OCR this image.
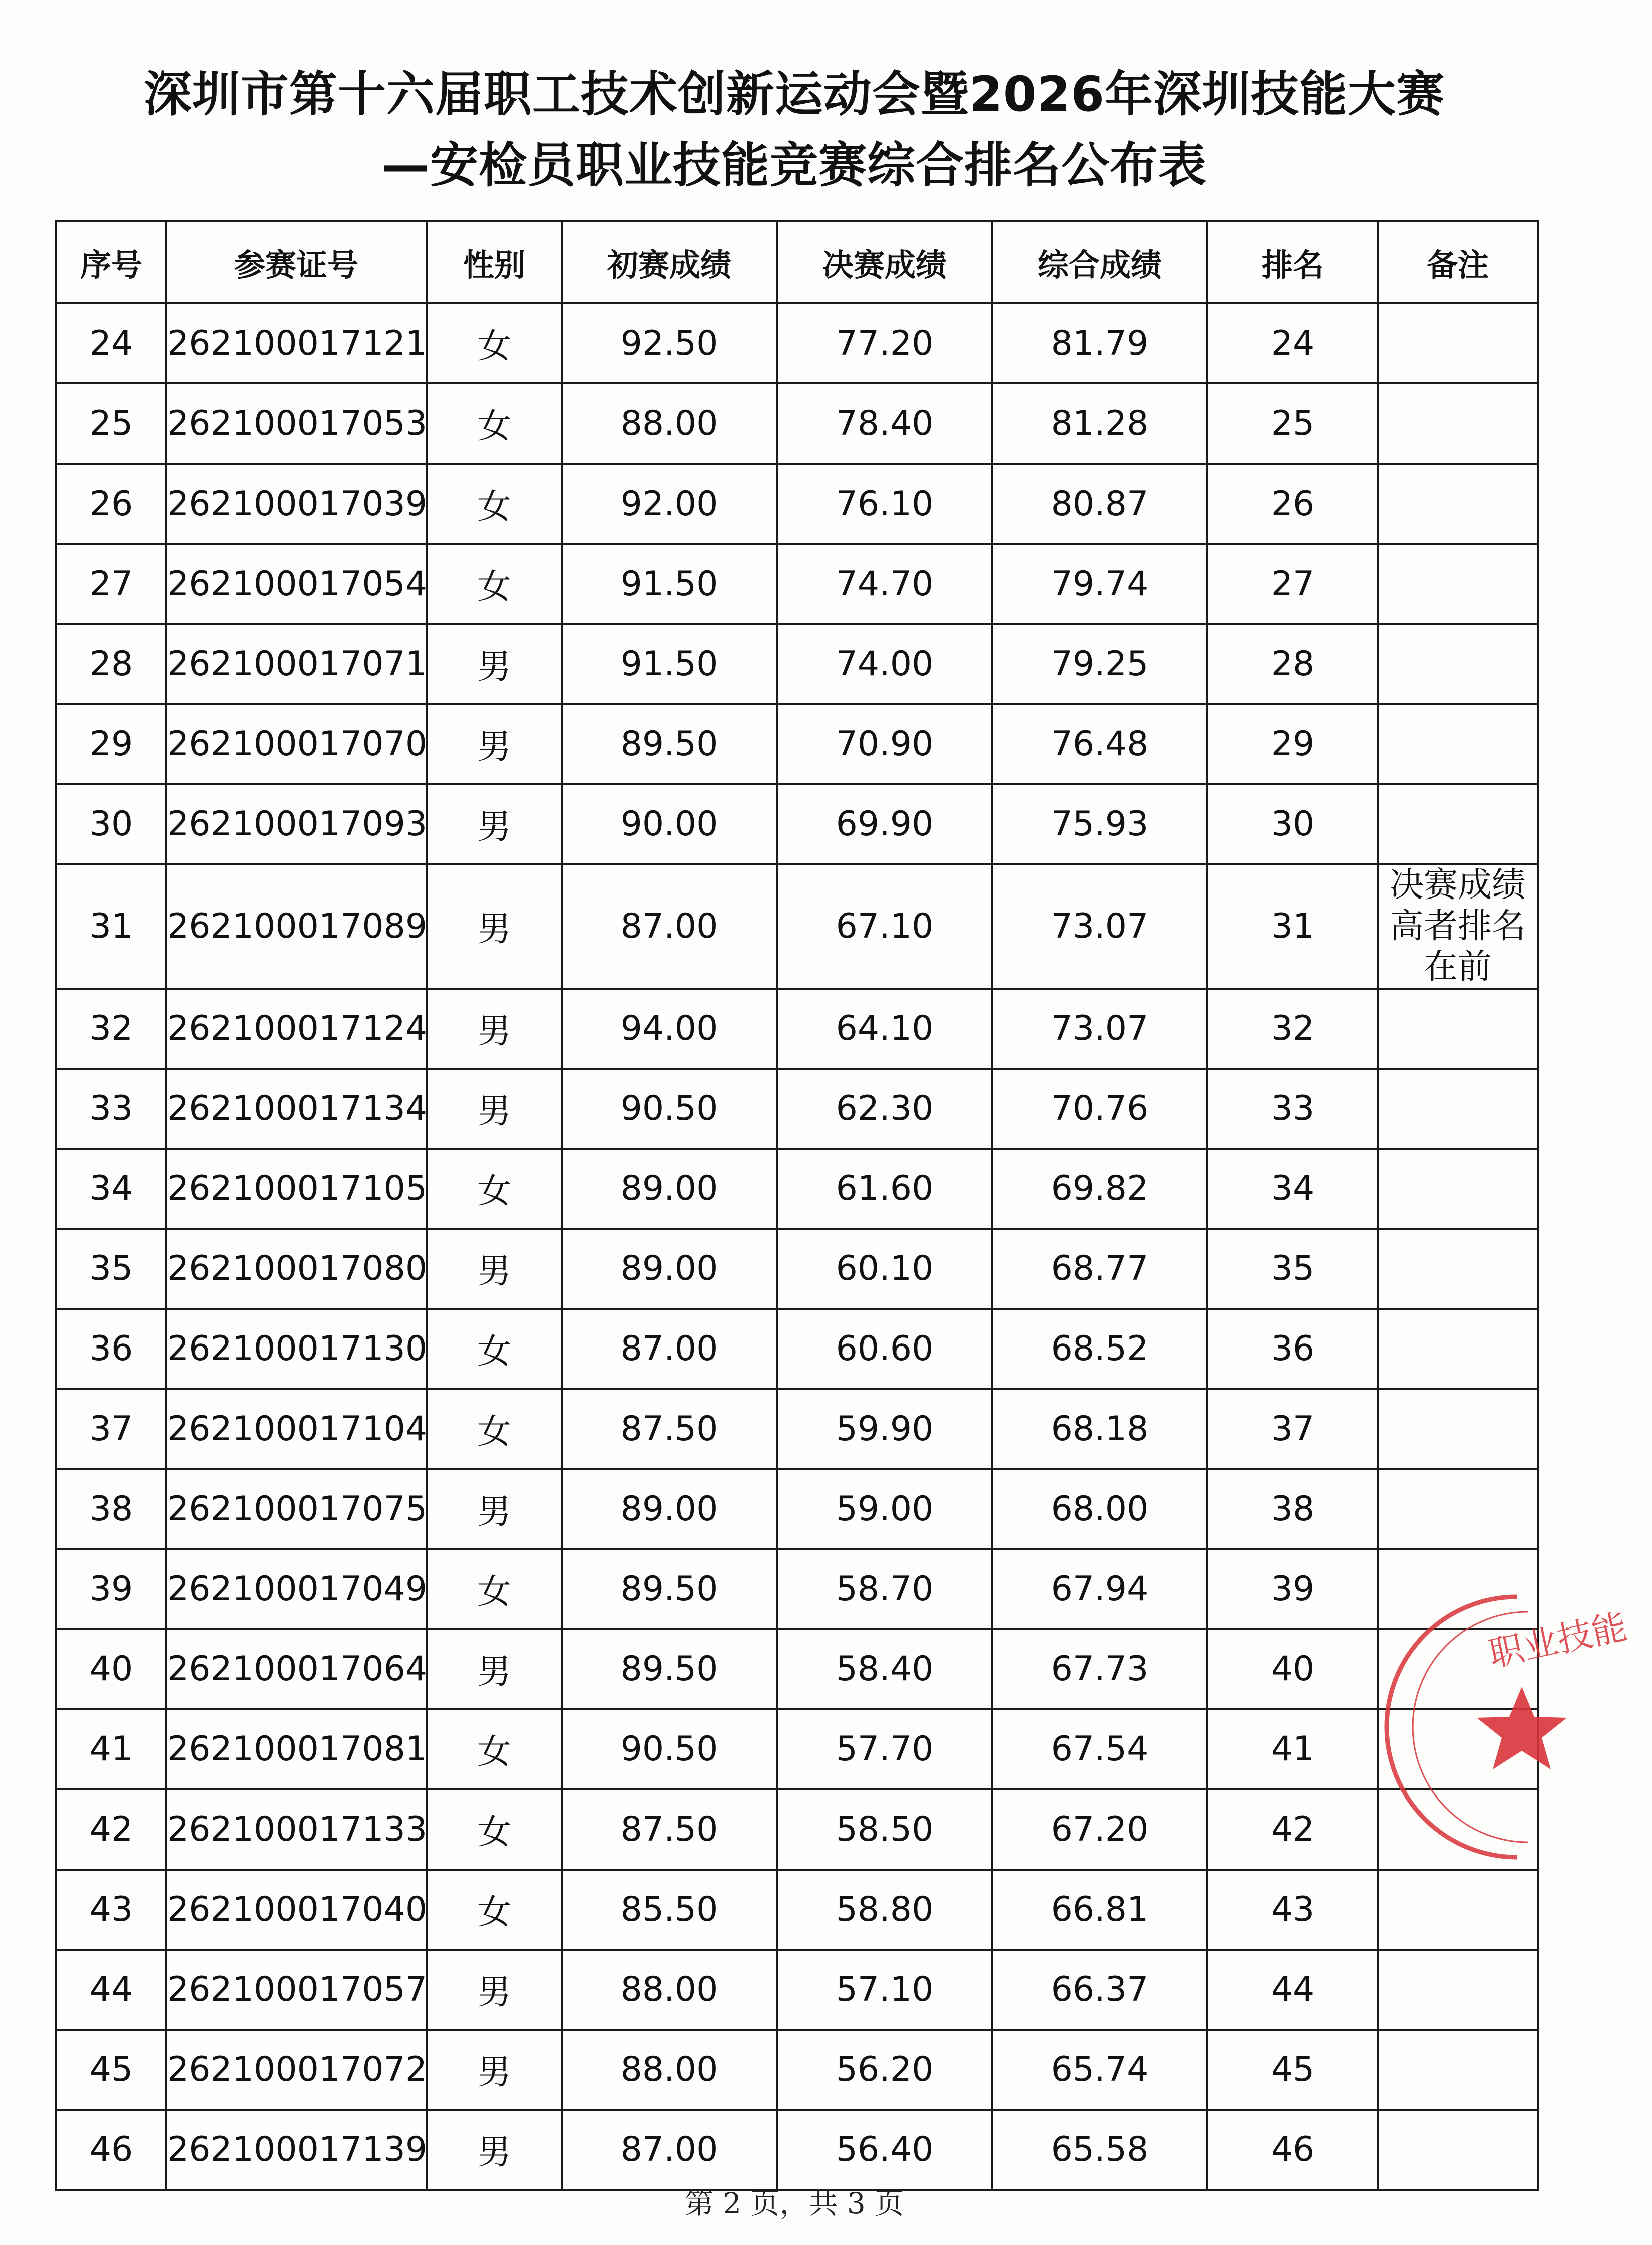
深圳市第十六届职工技术创新运动会暨2026年深圳技能大赛
—安检员职业技能竞赛综合排名公布表
序号	参赛证号	性别	初赛成绩	决赛成绩	综合成绩	排名	备注
24	262100017121	女	92.50	77.20	81.79	24	
25	262100017053	女	88.00	78.40	81.28	25	
26	262100017039	女	92.00	76.10	80.87	26	
27	262100017054	女	91.50	74.70	79.74	27	
28	262100017071	男	91.50	74.00	79.25	28	
29	262100017070	男	89.50	70.90	76.48	29	
30	262100017093	男	90.00	69.90	75.93	30	
31	262100017089	男	87.00	67.10	73.07	31	决赛成绩高者排名在前
32	262100017124	男	94.00	64.10	73.07	32	
33	262100017134	男	90.50	62.30	70.76	33	
34	262100017105	女	89.00	61.60	69.82	34	
35	262100017080	男	89.00	60.10	68.77	35	
36	262100017130	女	87.00	60.60	68.52	36	
37	262100017104	女	87.50	59.90	68.18	37	
38	262100017075	男	89.00	59.00	68.00	38	
39	262100017049	女	89.50	58.70	67.94	39	
40	262100017064	男	89.50	58.40	67.73	40	
41	262100017081	女	90.50	57.70	67.54	41	
42	262100017133	女	87.50	58.50	67.20	42	
43	262100017040	女	85.50	58.80	66.81	43	
44	262100017057	男	88.00	57.10	66.37	44	
45	262100017072	男	88.00	56.20	65.74	45	
46	262100017139	男	87.00	56.40	65.58	46	
职业技能
第 2 页，共 3 页
